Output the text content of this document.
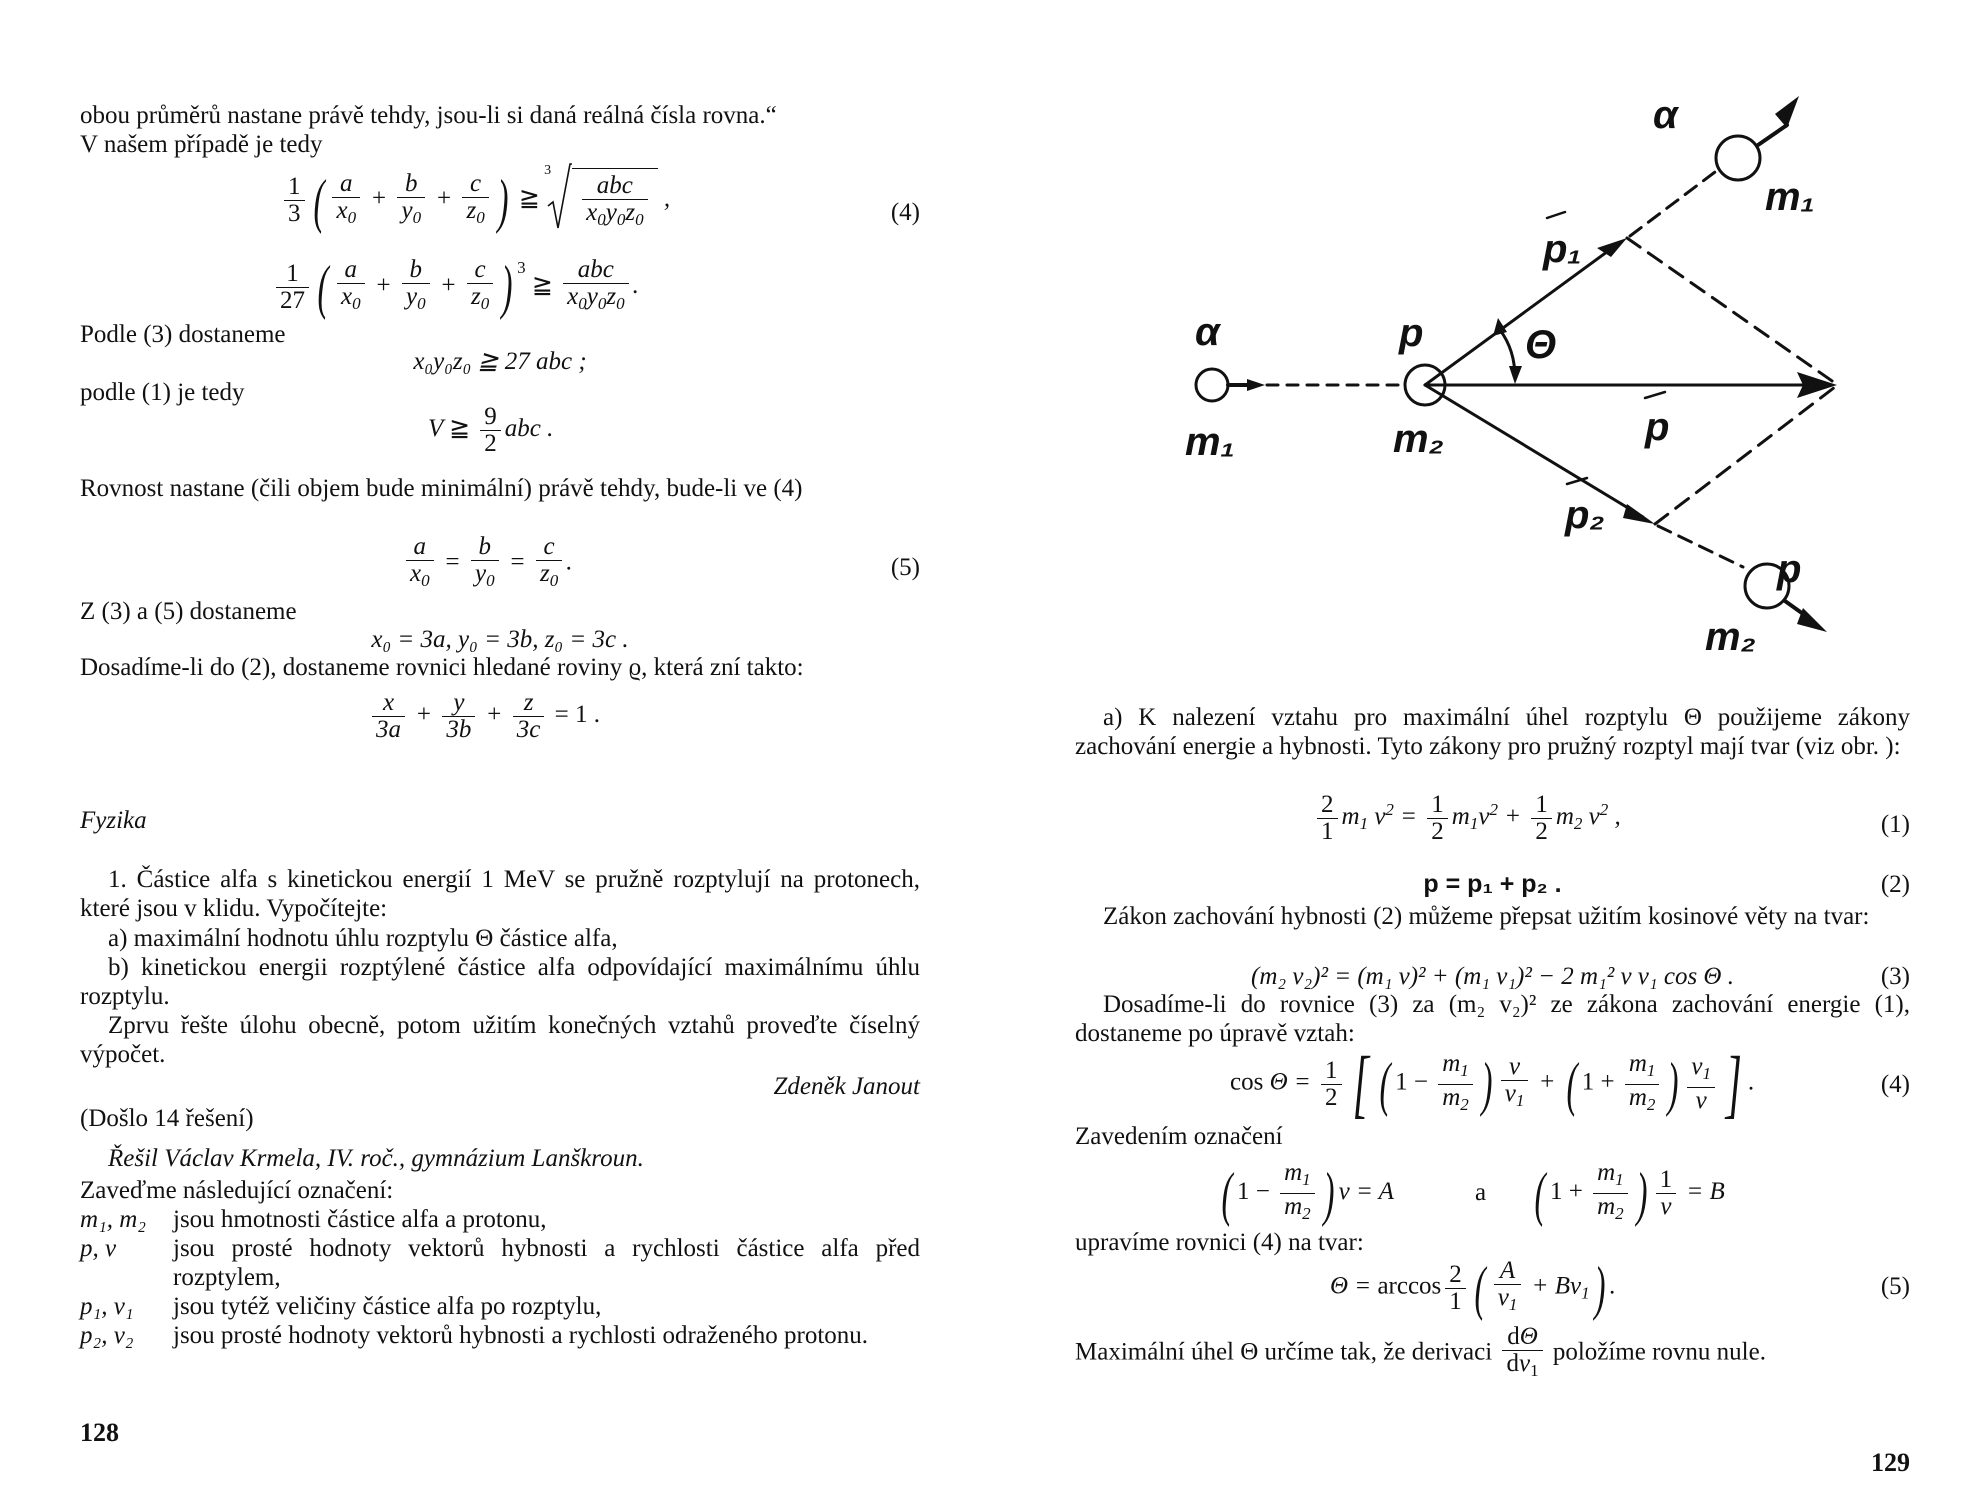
obou průměrů nastane právě tehdy, jsou-li si daná reálná čísla rovna.“

V našem případě je tedy

$\frac{1}{3}$ ( $\frac{a}{x_0} + \frac{b}{y_0} + \frac{c}{z_0}$ ) ≧
3
$\frac{\text{abc}}{x_0y_0z_0}$ ,
(4)
$\frac{1}{27}$ ( $\frac{a}{x_0} + \frac{b}{y_0} + \frac{c}{z_0}$ ) $^3$ ≧ $\frac{\text{abc}}{x_0y_0z_0}$ .

Podle (3) dostaneme

x₀y₀z₀ ≧ 27 abc ;

podle (1) je tedy

V ≧ $\frac{9}{2}$ abc .

Rovnost nastane (čili objem bude minimální) právě tehdy, bude-li ve (4)

$\frac{a}{x_0} = \frac{b}{y_0} = \frac{c}{z_0}$ .	(5)

Z (3) a (5) dostaneme

x₀ = 3a, y₀ = 3b, z₀ = 3c .

Dosadíme-li do (2), dostaneme rovnici hledané roviny ϱ, která zní takto:

$\frac{x}{3a} + \frac{y}{3b} + \frac{z}{3c} = 1$ .

Fyzika

1. Částice alfa s kinetickou energií 1 MeV se pružně rozptylují na protonech, které jsou v klidu. Vypočítejte:

a) maximální hodnotu úhlu rozptylu Θ částice alfa,

b) kinetickou energii rozptýlené částice alfa odpovídající maximálnímu úhlu rozptylu.

Zprvu řešte úlohu obecně, potom užitím konečných vztahů proveďte číselný výpočet.

Zdeněk Janout

(Došlo 14 řešení)

Řešil Václav Krmela, IV. roč., gymnázium Lanškroun.

Zaveďme následující označení:

m₁, m₂ jsou hmotnosti částice alfa a protonu,
p, v jsou prosté hodnoty vektorů hybnosti a rychlosti částice alfa před rozptylem,
p₁, v₁ jsou tytéž veličiny částice alfa po rozptylu,
p₂, v₂ jsou prosté hodnoty vektorů hybnosti a rychlosti odraženého protonu.
128
α
m₁
p
m₂
Θ
p₁
p
p₂
α
m₁
p
m₂

a) K nalezení vztahu pro maximální úhel rozptylu Θ použijeme zákony zachování energie a hybnosti. Tyto zákony pro pružný rozptyl mají tvar (viz obr. ):

$\frac{2}{1} m_1$ $v^2 = \frac{1}{2} m_1v^2 + \frac{1}{2} m_2$ $v^2$ ,	(1)

p = p₁ + p₂ .	(2)

Zákon zachování hybnosti (2) můžeme přepsat užitím kosinové věty na tvar:

(m₂ v₂)² = (m₁ v)² + (m₁ v₁)² − 2 m₁² v v₁ cos Θ .	(3)

Dosadíme-li do rovnice (3) za (m₂ v₂)² ze zákona zachování energie (1), dostaneme po úpravě vztah:

$\cos \Theta = \frac{1}{2}$ [ ( $1 - \frac{m_1}{m_2}$ ) $\frac{v}{v_1}$ + ( $1 + \frac{m_1}{m_2}$ ) $\frac{v_1}{v}$ ] .	(4)

Zavedením označení

( $1 - \frac{m_1}{m_2}$ ) v = A	a ( $1 + \frac{m_1}{m_2}$ ) $\frac{1}{v} = B$

upravíme rovnici (4) na tvar:

$\Theta = \arccos \frac{2}{1}$ ( $\frac{A}{v_1} + Bv_1$) .	(5)
Maximální úhel Θ určíme tak, že derivaci $\frac{d\Theta}{dv_1}$ položíme rovnu nule.
129
